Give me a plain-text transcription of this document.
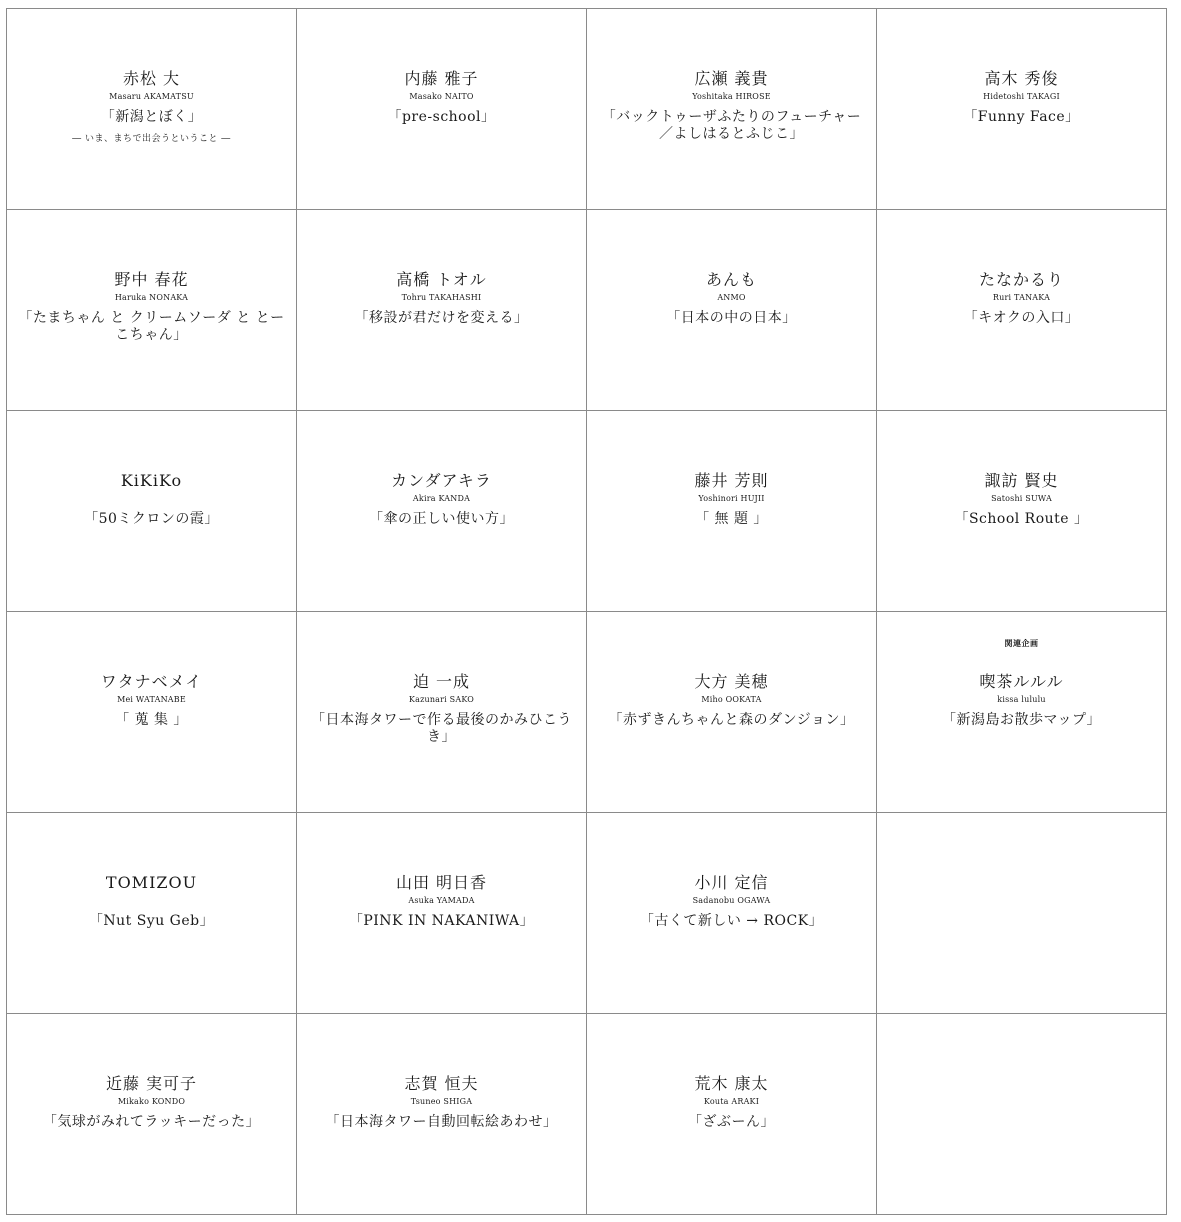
赤松 大
Masaru AKAMATSU
「新潟とぼく」
― いま、まちで出会うということ ―
内藤 雅子
Masako NAITO
「pre-school」
広瀬 義貴
Yoshitaka HIROSE
「バックトゥーザふたりのフューチャー
／よしはるとふじこ」
高木 秀俊
Hidetoshi TAKAGI
「Funny Face」
野中 春花
Haruka NONAKA
「たまちゃん と クリームソーダ と とーこちゃん」
高橋 トオル
Tohru TAKAHASHI
「移設が君だけを変える」
あんも
ANMO
「日本の中の日本」
たなかるり
Ruri TANAKA
「キオクの入口」
KiKiKo
「50ミクロンの霞」
カンダアキラ
Akira KANDA
「傘の正しい使い方」
藤井 芳則
Yoshinori HUJII
「 無 題 」
諏訪 賢史
Satoshi SUWA
「School Route 」
ワタナベメイ
Mei WATANABE
「 蒐 集 」
迫 一成
Kazunari SAKO
「日本海タワーで作る最後のかみひこうき」
大方 美穂
Miho OOKATA
「赤ずきんちゃんと森のダンジョン」
関連企画
喫茶ルルル
kissa lululu
「新潟島お散歩マップ」
TOMIZOU
「Nut Syu Geb」
山田 明日香
Asuka YAMADA
「PINK IN NAKANIWA」
小川 定信
Sadanobu OGAWA
「古くて新しい → ROCK」
近藤 実可子
Mikako KONDO
「気球がみれてラッキーだった」
志賀 恒夫
Tsuneo SHIGA
「日本海タワー自動回転絵あわせ」
荒木 康太
Kouta ARAKI
「ざぶーん」
